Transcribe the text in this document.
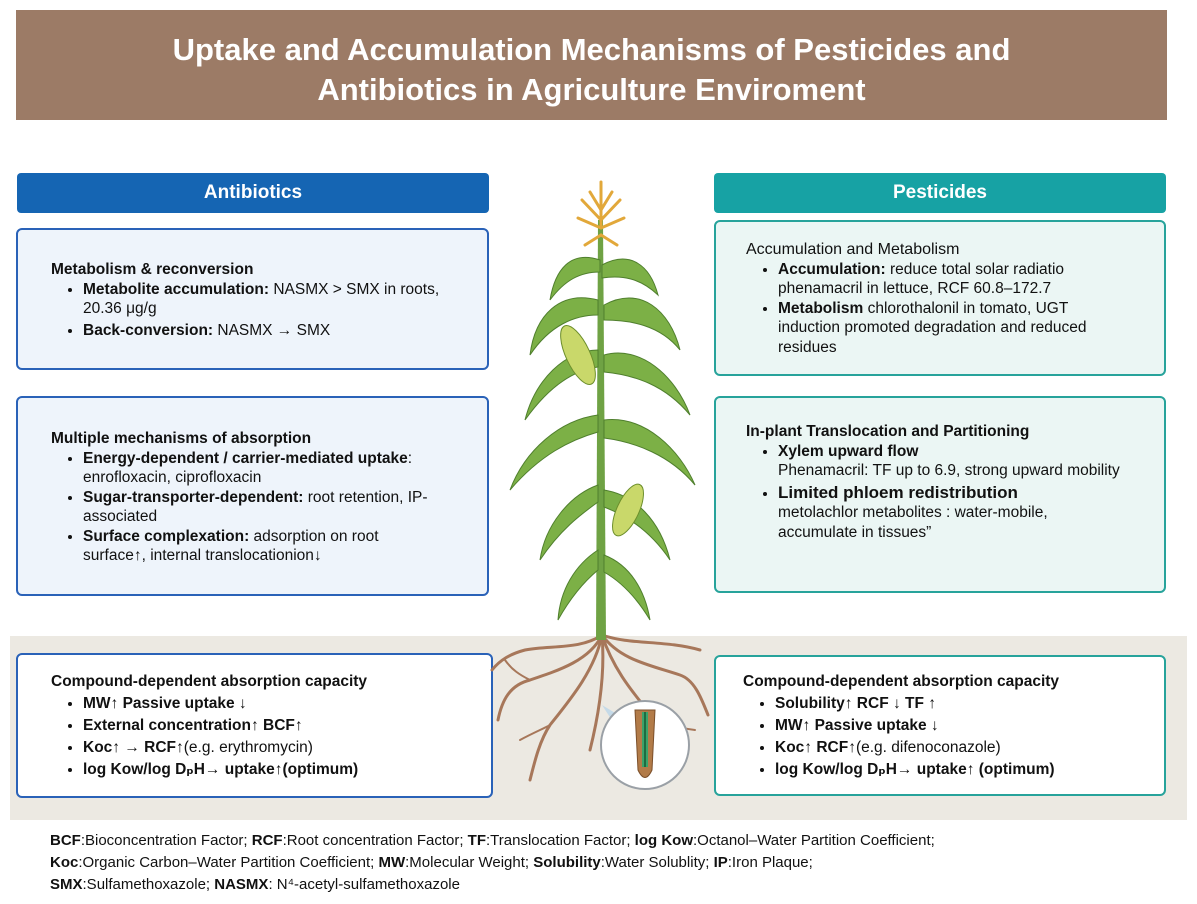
Uptake and Accumulation Mechanisms of Pesticides and
Antibiotics in Agriculture Enviroment
Antibiotics	Pesticides
Metabolism & reconversion
• Metabolite accumulation: NASMX > SMX in roots, 20.36 μg/g
• Back-conversion: NASMX → SMX
Multiple mechanisms of absorption
• Energy-dependent / carrier-mediated uptake: enrofloxacin, ciprofloxacin
• Sugar-transporter-dependent: root retention, IP-associated
• Surface complexation: adsorption on root surface↑, internal translocationion↓
Compound-dependent absorption capacity
• MW↑ Passive uptake ↓
• External concentration↑ BCF↑
• Koc↑ → RCF↑(e.g. erythromycin)
• log Kow/log DₚH→ uptake↑(optimum)
Accumulation and Metabolism
• Accumulation: reduce total solar radiatio phenamacril in lettuce, RCF 60.8–172.7
• Metabolism chlorothalonil in tomato, UGT induction promoted degradation and reduced residues
In-plant Translocation and Partitioning
• Xylem upward flow
Phenamacril: TF up to 6.9, strong upward mobility
• Limited phloem redistribution
metolachlor metabolites : water-mobile, accumulate in tissues”
Compound-dependent absorption capacity
• Solubility↑ RCF ↓ TF ↑
• MW↑ Passive uptake ↓
• Koc↑ RCF↑(e.g. difenoconazole)
• log Kow/log DₚH→ uptake↑ (optimum)
BCF:Bioconcentration Factor; RCF:Root concentration Factor; TF:Translocation Factor; log Kow:Octanol–Water Partition Coefficient;
Koc:Organic Carbon–Water Partition Coefficient; MW:Molecular Weight; Solubility:Water Solublity; IP:Iron Plaque;
SMX:Sulfamethoxazole; NASMX: N⁴-acetyl-sulfamethoxazole
